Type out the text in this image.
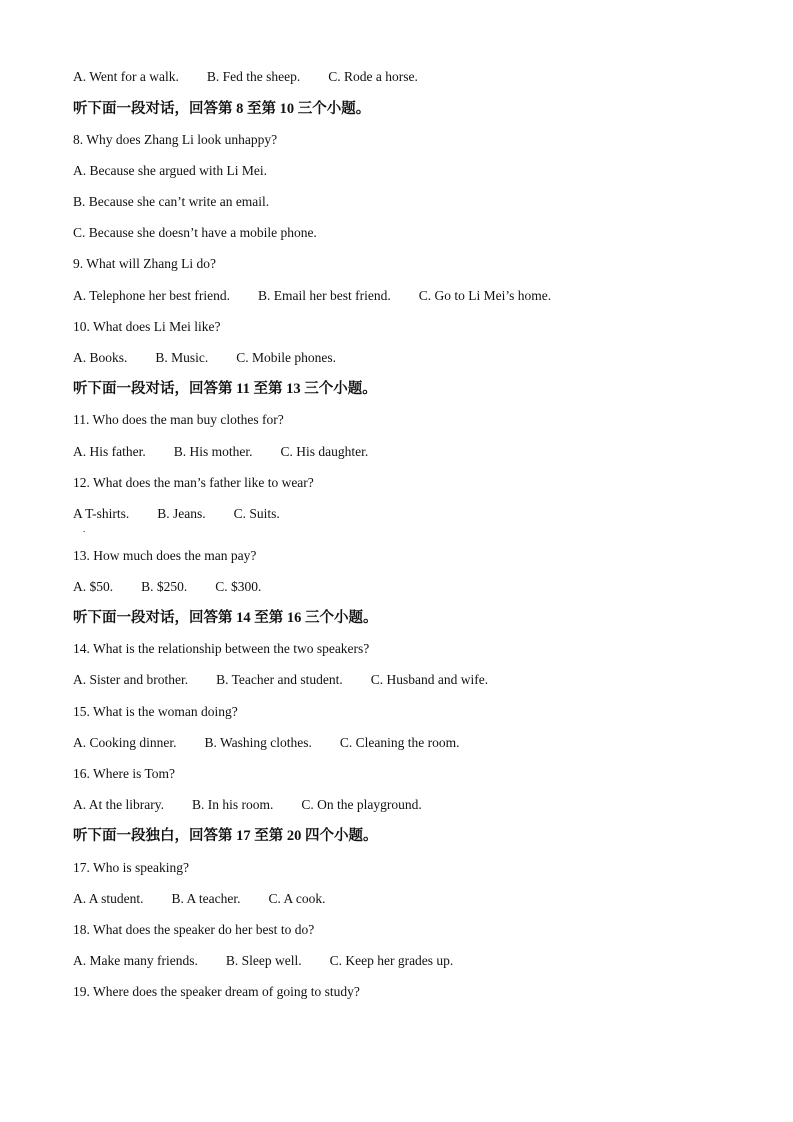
A. Went for a walk. B. Fed the sheep. C. Rode a horse.
听下面一段对话，回答第 8 至第 10 三个小题。
8. Why does Zhang Li look unhappy?
A. Because she argued with Li Mei.
B. Because she can’t write an email.
C. Because she doesn’t have a mobile phone.
9. What will Zhang Li do?
A. Telephone her best friend. B. Email her best friend. C. Go to Li Mei’s home.
10. What does Li Mei like?
A. Books. B. Music. C. Mobile phones.
听下面一段对话，回答第 11 至第 13 三个小题。
11. Who does the man buy clothes for?
A. His father. B. His mother. C. His daughter.
12. What does the man’s father like to wear?
A T-shirts. B. Jeans. C. Suits.
13. How much does the man pay?
A. $50. B. $250. C. $300.
听下面一段对话，回答第 14 至第 16 三个小题。
14. What is the relationship between the two speakers?
A. Sister and brother. B. Teacher and student. C. Husband and wife.
15. What is the woman doing?
A. Cooking dinner. B. Washing clothes. C. Cleaning the room.
16. Where is Tom?
A. At the library. B. In his room. C. On the playground.
听下面一段独白，回答第 17 至第 20 四个小题。
17. Who is speaking?
A. A student. B. A teacher. C. A cook.
18. What does the speaker do her best to do?
A. Make many friends. B. Sleep well. C. Keep her grades up.
19. Where does the speaker dream of going to study?
.
